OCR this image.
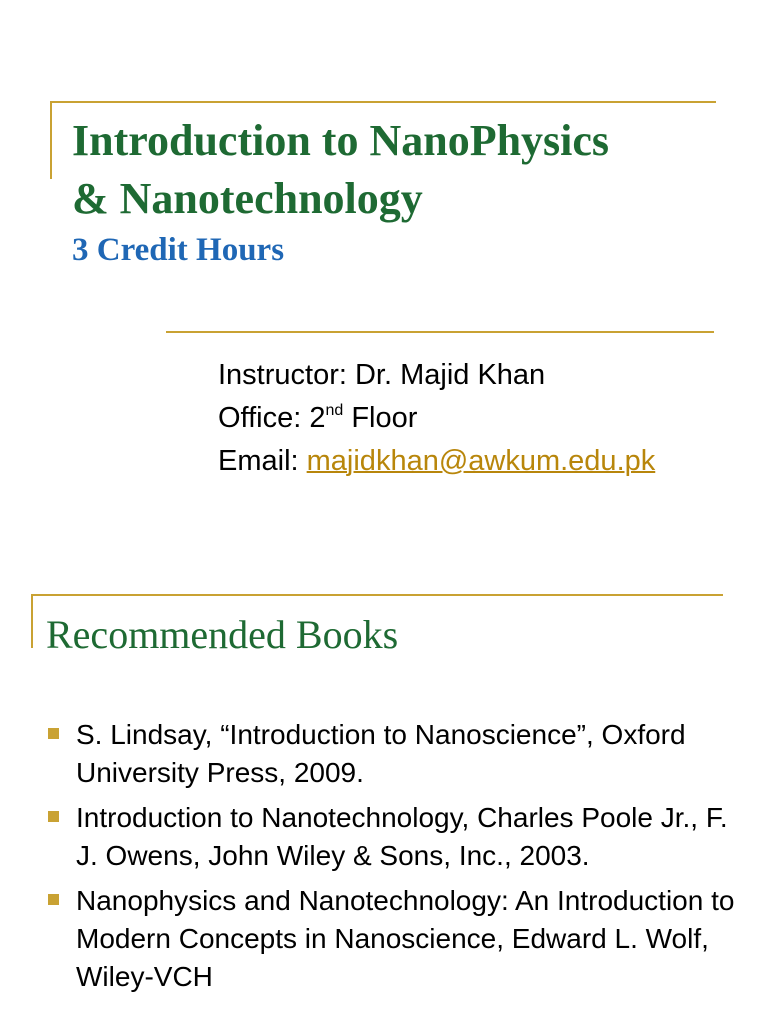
Introduction to NanoPhysics
& Nanotechnology
3 Credit Hours
Instructor: Dr. Majid Khan
Office: 2nd Floor
Email: majidkhan@awkum.edu.pk
Recommended Books
S. Lindsay, “Introduction to Nanoscience”, Oxford University Press, 2009.
Introduction to Nanotechnology, Charles Poole Jr., F. J. Owens, John Wiley & Sons, Inc., 2003.
Nanophysics and Nanotechnology: An Introduction to Modern Concepts in Nanoscience, Edward L. Wolf, Wiley-VCH
